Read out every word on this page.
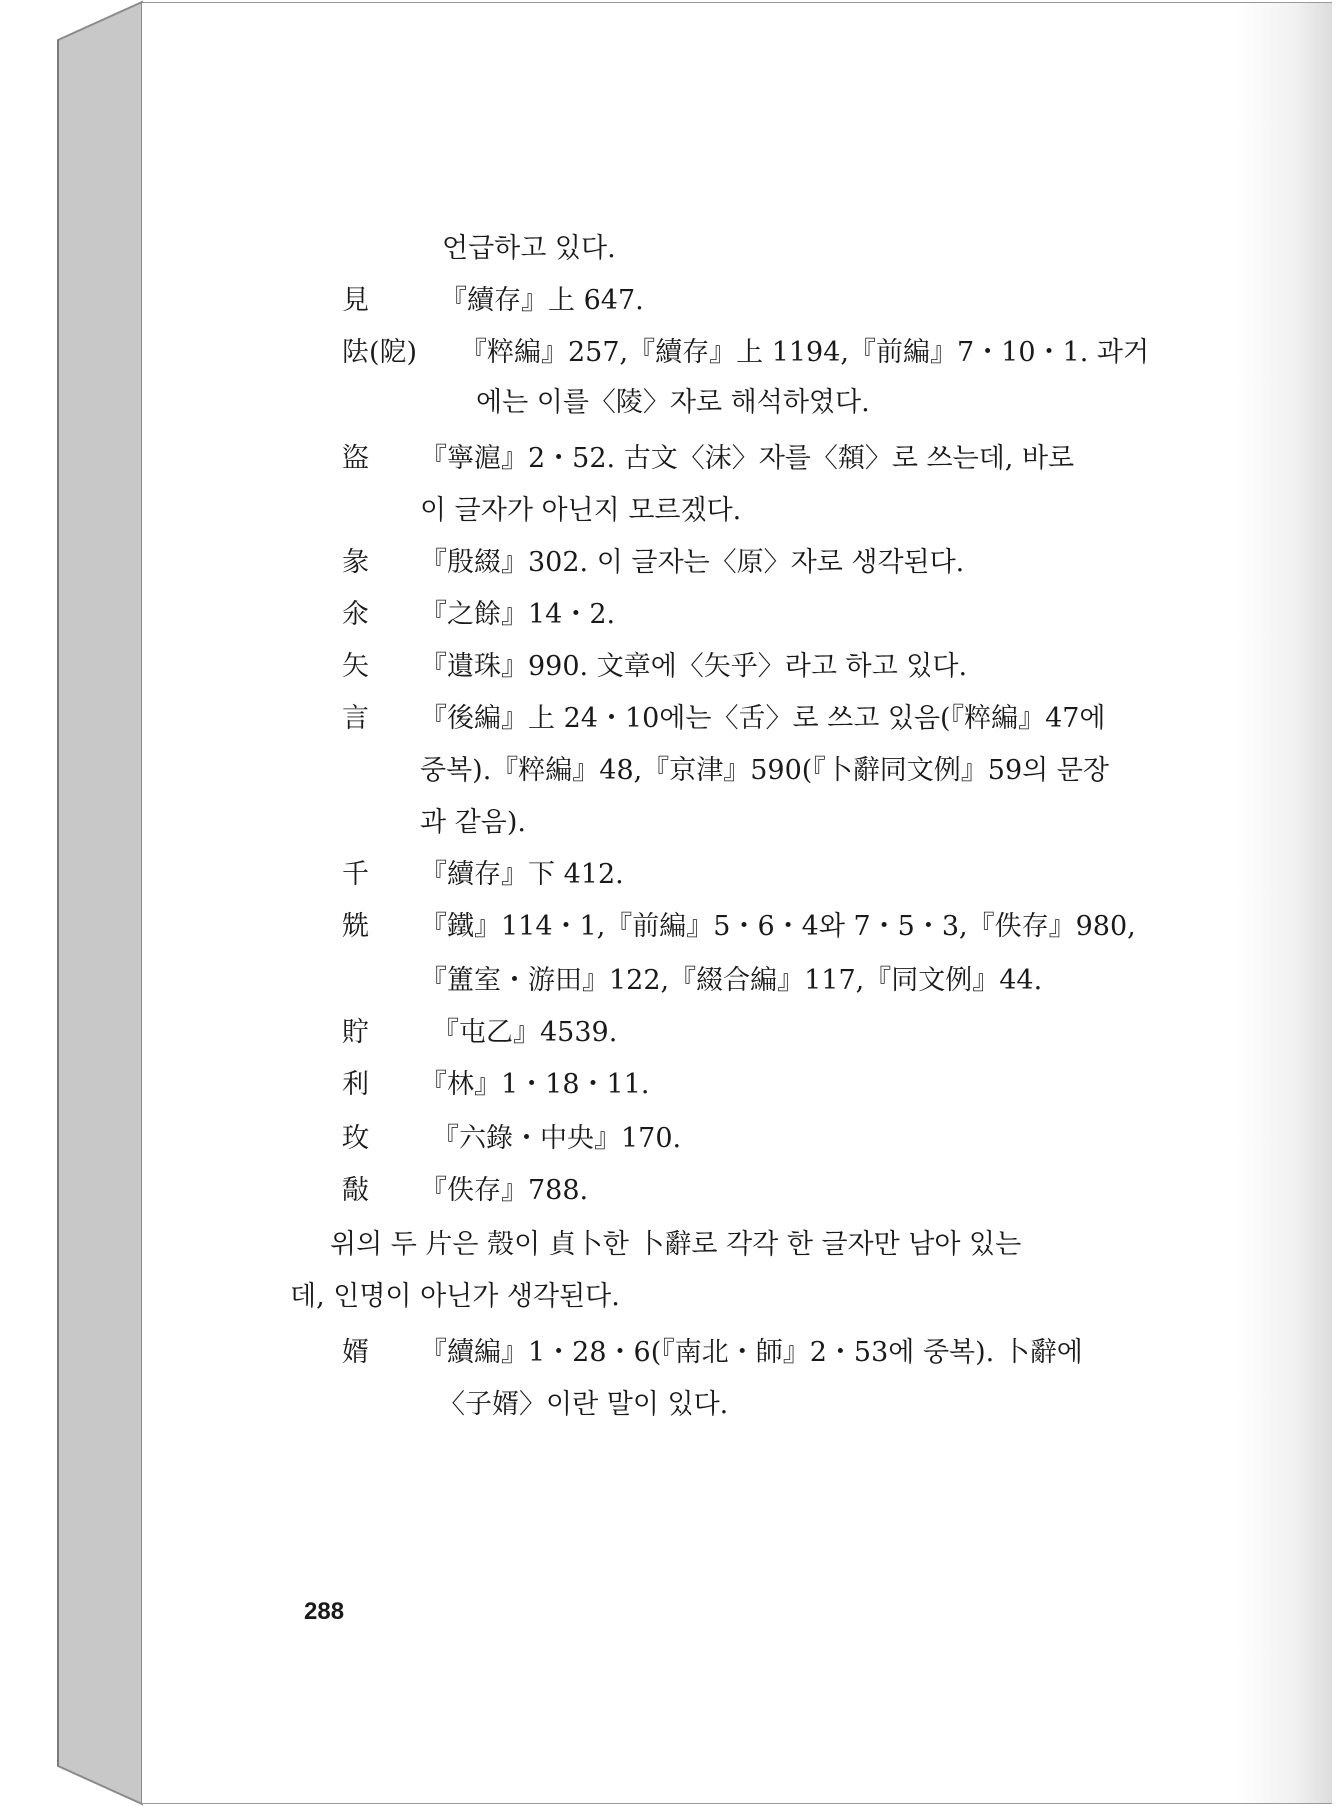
언급하고 있다.
見	『續存』上 647.
阹(阸) 『粹編』257,『續存』上 1194,『前編』7・10・1. 과거
에는 이를〈陵〉자로 해석하였다.
盜 『寧滬』2・52. 古文〈沫〉자를〈頮〉로 쓰는데, 바로
이 글자가 아닌지 모르겠다.
彖 『殷綴』302. 이 글자는〈原〉자로 생각된다.
氽 『之餘』14・2.
矢 『遺珠』990. 文章에〈矢乎〉라고 하고 있다.
言 『後編』上 24・10에는〈舌〉로 쓰고 있음(『粹編』47에
중복).『粹編』48,『京津』590(『卜辭同文例』59의 문장
과 같음).
千 『續存』下 412.
兟 『鐵』114・1,『前編』5・6・4와 7・5・3,『佚存』980,
『簠室・游田』122,『綴合編』117,『同文例』44.
貯 『屯乙』4539.
利 『林』1・18・11.
玫 『六錄・中央』170.
敽 『佚存』788.
위의 두 片은 殼이 貞卜한 卜辭로 각각 한 글자만 남아 있는
데, 인명이 아닌가 생각된다.
婿 『續編』1・28・6(『南北・師』2・53에 중복). 卜辭에
〈子婿〉이란 말이 있다.
288
